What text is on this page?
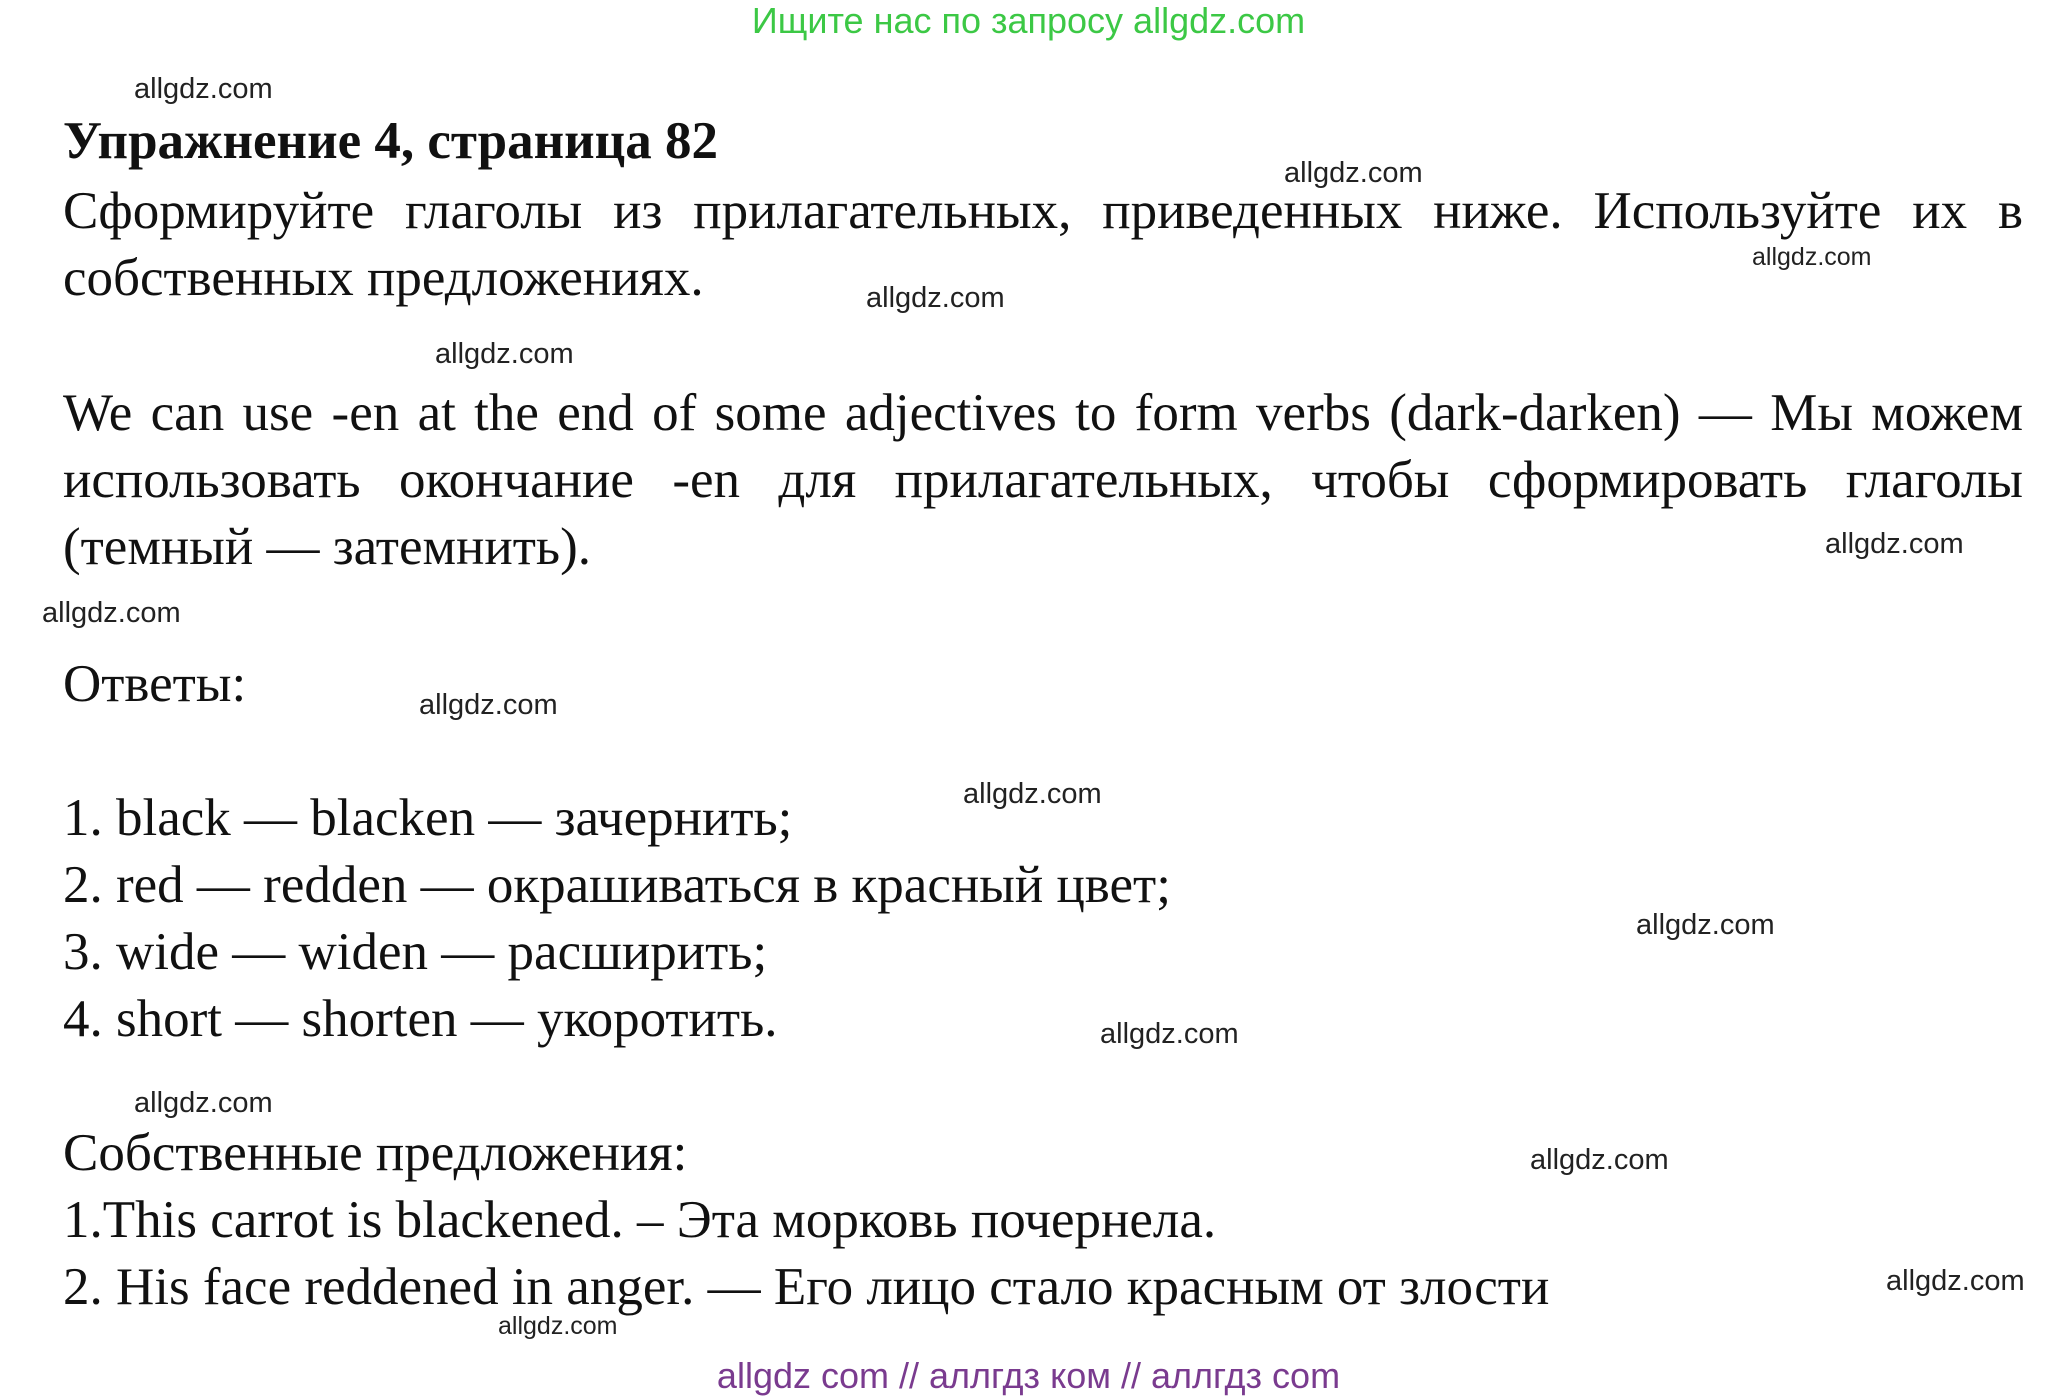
Ищите нас по запросу allgdz.com
Упражнение 4, страница 82
Сформируйте глаголы из прилагательных, приведенных ниже. Используйте их в собственных предложениях.
We can use -en at the end of some adjectives to form verbs (dark-darken) — Мы можем использовать окончание -en для прилагательных, чтобы сформировать глаголы (темный — затемнить).
Ответы:
1. black — blacken — зачернить;
2. red — redden — окрашиваться в красный цвет;
3. wide — widen — расширить;
4. short — shorten — укоротить.
Собственные предложения:
1.This carrot is blackened. – Эта морковь почернела.
2. His face reddened in anger. — Его лицо стало красным от злости
allgdz.com
allgdz.com
allgdz.com
allgdz.com
allgdz.com
allgdz.com
allgdz.com
allgdz.com
allgdz.com
allgdz.com
allgdz.com
allgdz.com
allgdz.com
allgdz.com
allgdz.com
allgdz com // аллгдз ком // аллгдз com
